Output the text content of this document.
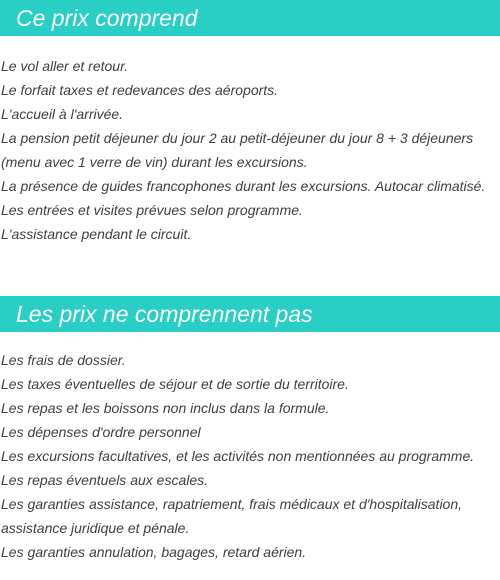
Ce prix comprend
Le vol aller et retour.
Le forfait taxes et redevances des aéroports.
L'accueil à l'arrivée.
La pension petit déjeuner du jour 2 au petit-déjeuner du jour 8 + 3 déjeuners (menu avec 1 verre de vin) durant les excursions.
La présence de guides francophones durant les excursions. Autocar climatisé.
Les entrées et visites prévues selon programme.
L'assistance pendant le circuit.
Les prix ne comprennent pas
Les frais de dossier.
Les taxes éventuelles de séjour et de sortie du territoire.
Les repas et les boissons non inclus dans la formule.
Les dépenses d'ordre personnel
Les excursions facultatives, et les activités non mentionnées au programme.
Les repas éventuels aux escales.
Les garanties assistance, rapatriement, frais médicaux et d'hospitalisation, assistance juridique et pénale.
Les garanties annulation, bagages, retard aérien.
